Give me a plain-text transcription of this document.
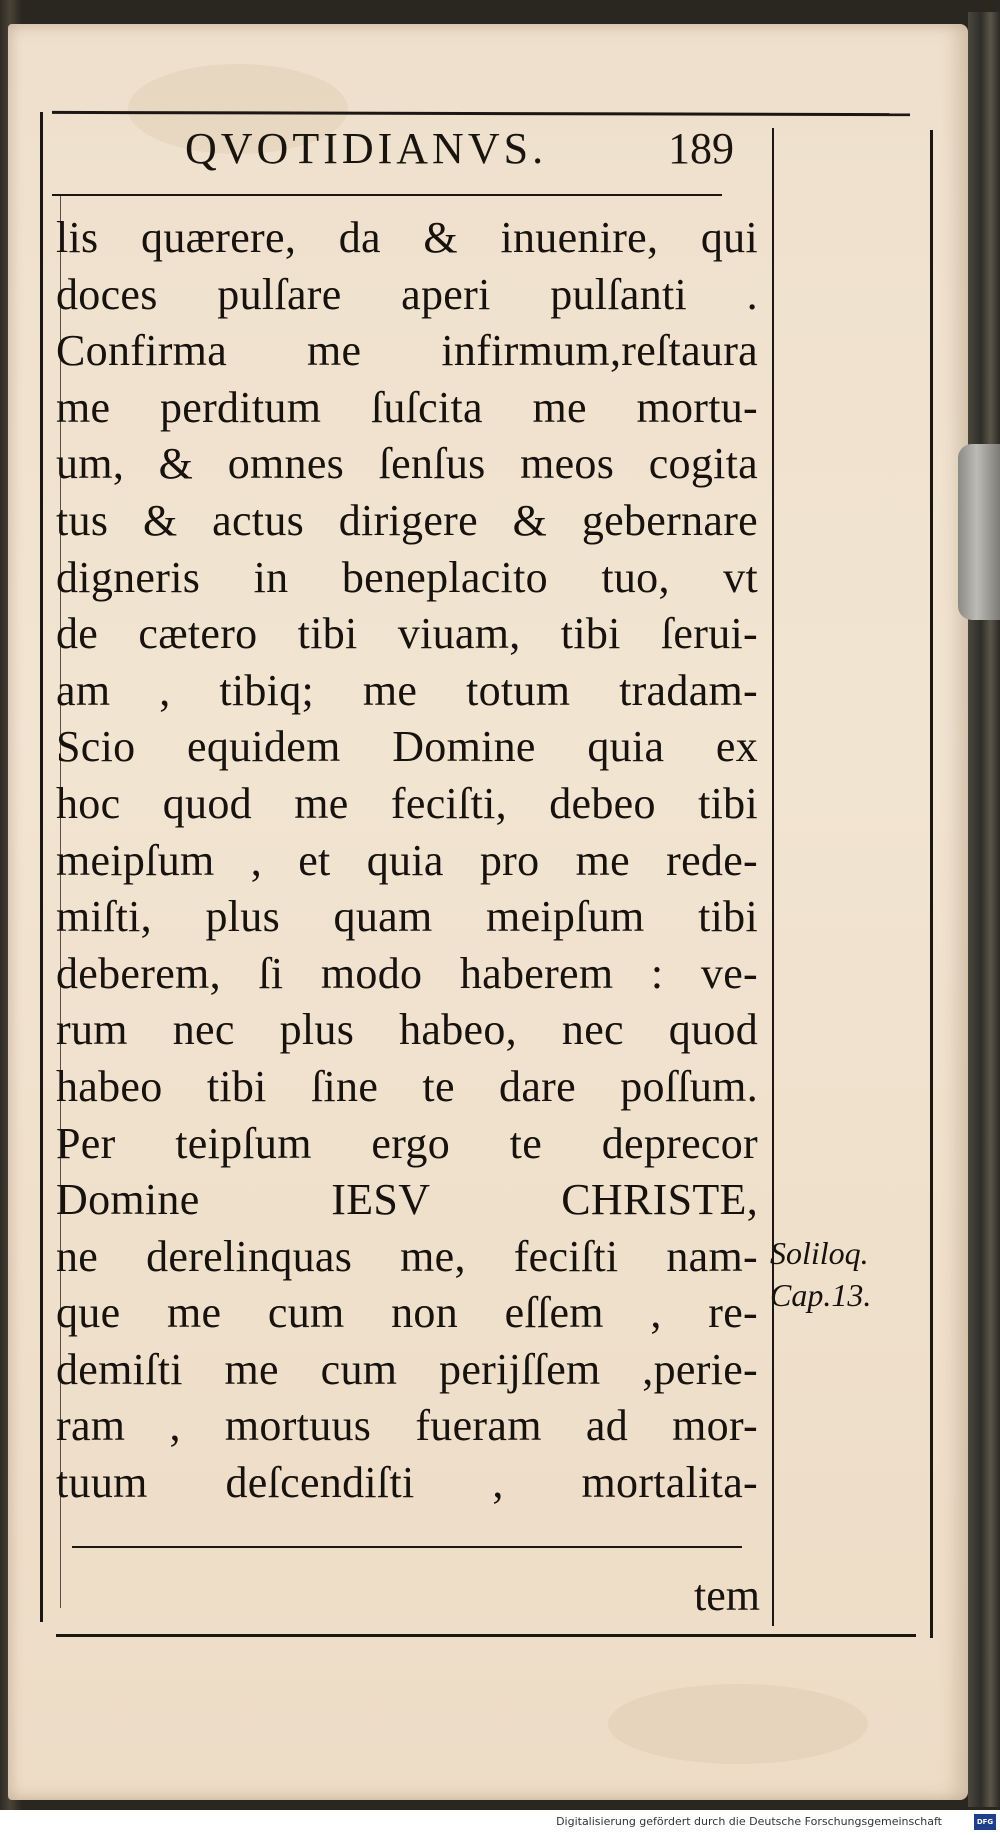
QVOTIDIANVS.	189
lis quærere, da & inuenire, qui
doces pulſare aperi pulſanti .
Confirma me infirmum,reſtaura
me perditum ſuſcita me mortu-
um, & omnes ſenſus meos cogita
tus & actus dirigere & gebernare
digneris in beneplacito tuo, vt
de cætero tibi viuam, tibi ſerui-
am , tibiq; me totum tradam-
Scio equidem Domine quia ex
hoc quod me feciſti, debeo tibi
meipſum , et quia pro me rede-
miſti, plus quam meipſum tibi
deberem, ſi modo haberem : ve-
rum nec plus habeo, nec quod
habeo tibi ſine te dare poſſum.
Per teipſum ergo te deprecor
Domine IESV CHRISTE,
ne derelinquas me, feciſti nam-
que me cum non eſſem , re-
demiſti me cum perijſſem ,perie-
ram , mortuus fueram ad mor-
tuum deſcendiſti , mortalita-
Soliloq.
Cap.13.
tem
Digitalisierung gefördert durch die Deutsche Forschungsgemeinschaft	DFG
